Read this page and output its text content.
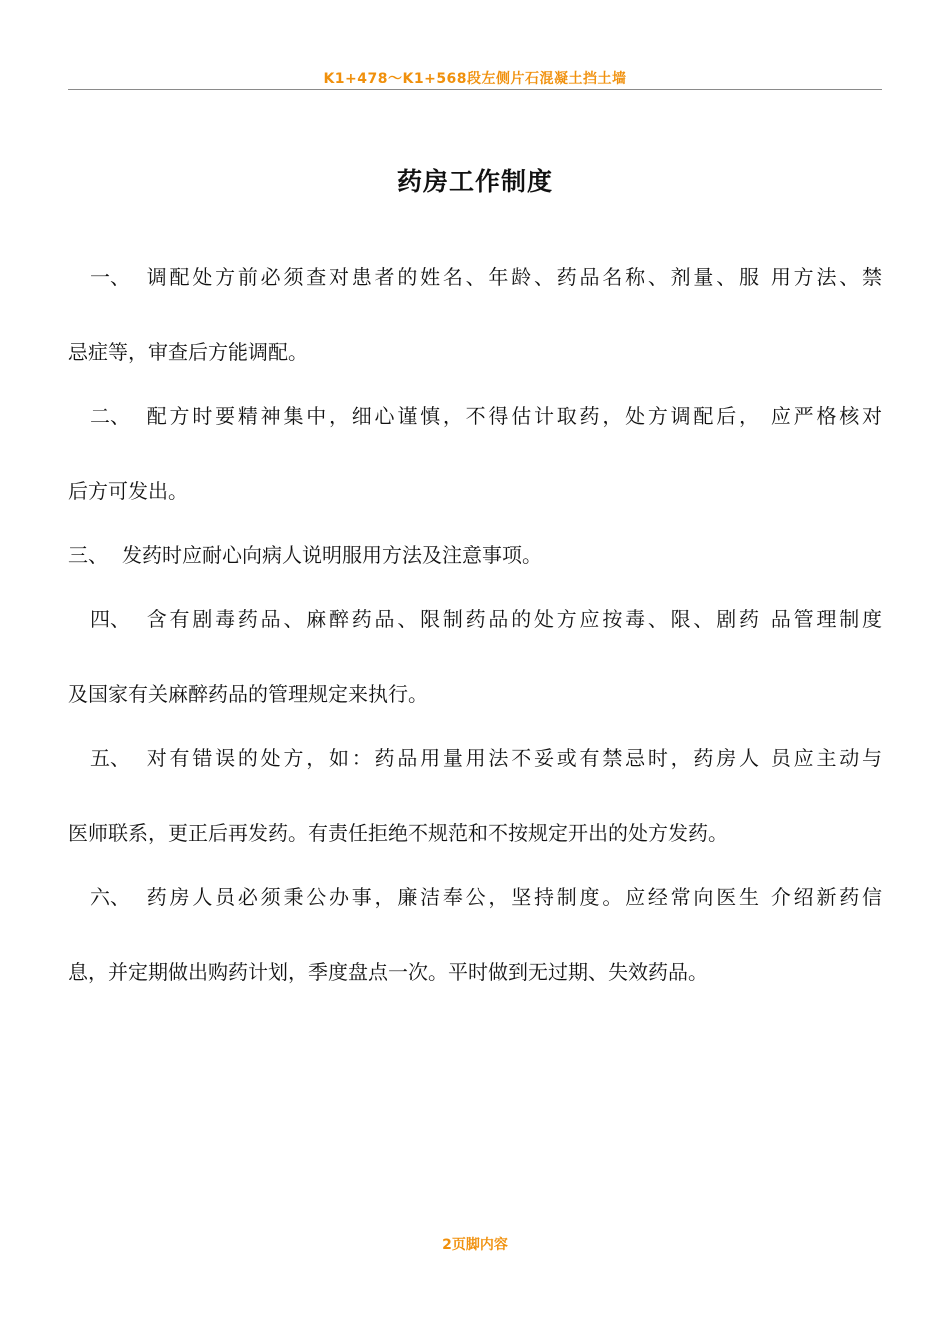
K1+478～K1+568段左侧片石混凝土挡土墙
药房工作制度
一、 调配处方前必须查对患者的姓名、年龄、药品名称、剂量、服 用方法、禁
忌症等，审查后方能调配。
二、 配方时要精神集中，细心谨慎，不得估计取药，处方调配后， 应严格核对
后方可发出。
三、 发药时应耐心向病人说明服用方法及注意事项。
四、 含有剧毒药品、麻醉药品、限制药品的处方应按毒、限、剧药 品管理制度
及国家有关麻醉药品的管理规定来执行。
五、 对有错误的处方，如：药品用量用法不妥或有禁忌时，药房人 员应主动与
医师联系，更正后再发药。有责任拒绝不规范和不按规定开出的处方发药。
六、 药房人员必须秉公办事，廉洁奉公，坚持制度。应经常向医生 介绍新药信
息，并定期做出购药计划，季度盘点一次。平时做到无过期、失效药品。
2页脚内容
